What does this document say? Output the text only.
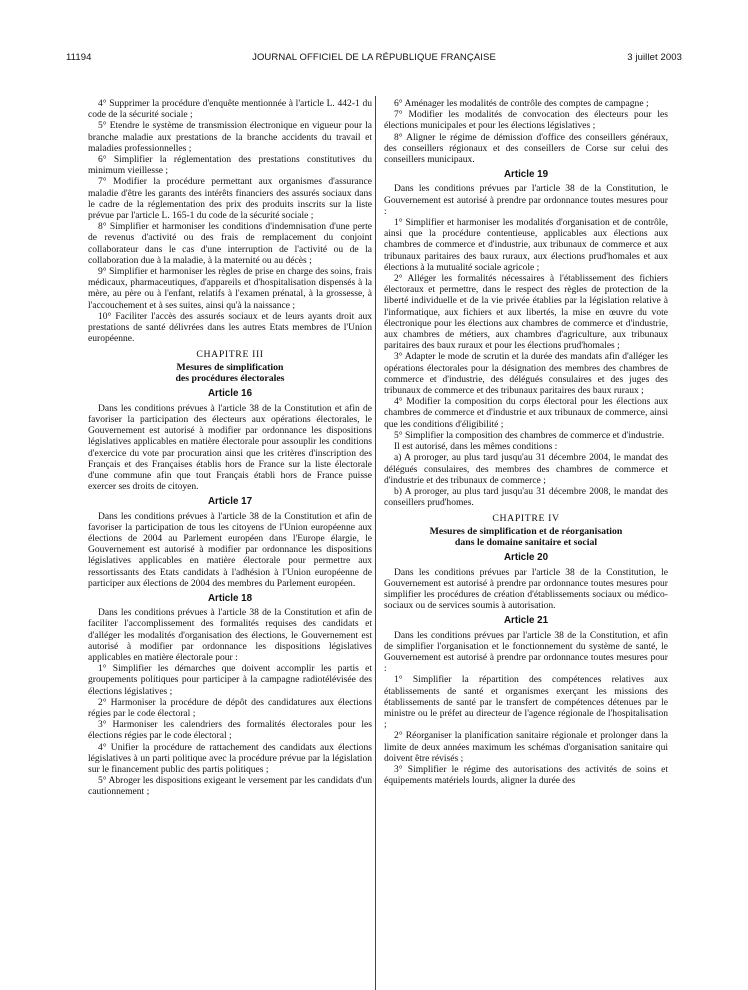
11194	JOURNAL OFFICIEL DE LA RÉPUBLIQUE FRANÇAISE	3 juillet 2003

4° Supprimer la procédure d'enquête mentionnée à l'article L. 442-1 du code de la sécurité sociale ;

5° Etendre le système de transmission électronique en vigueur pour la branche maladie aux prestations de la branche accidents du travail et maladies professionnelles ;

6° Simplifier la réglementation des prestations constitutives du minimum vieillesse ;

7° Modifier la procédure permettant aux organismes d'assurance maladie d'être les garants des intérêts financiers des assurés sociaux dans le cadre de la réglementation des prix des produits inscrits sur la liste prévue par l'article L. 165-1 du code de la sécurité sociale ;

8° Simplifier et harmoniser les conditions d'indemnisation d'une perte de revenus d'activité ou des frais de remplacement du conjoint collaborateur dans le cas d'une interruption de l'activité ou de la collaboration due à la maladie, à la maternité ou au décès ;

9° Simplifier et harmoniser les règles de prise en charge des soins, frais médicaux, pharmaceutiques, d'appareils et d'hospitalisation dispensés à la mère, au père ou à l'enfant, relatifs à l'examen prénatal, à la grossesse, à l'accouchement et à ses suites, ainsi qu'à la naissance ;

10° Faciliter l'accès des assurés sociaux et de leurs ayants droit aux prestations de santé délivrées dans les autres Etats membres de l'Union européenne.

CHAPITRE III

Mesures de simplification

des procédures électorales

Article 16

Dans les conditions prévues à l'article 38 de la Constitution et afin de favoriser la participation des électeurs aux opérations électorales, le Gouvernement est autorisé à modifier par ordonnance les dispositions législatives applicables en matière électorale pour assouplir les conditions d'exercice du vote par procuration ainsi que les critères d'inscription des Français et des Françaises établis hors de France sur la liste électorale d'une commune afin que tout Français établi hors de France puisse exercer ses droits de citoyen.

Article 17

Dans les conditions prévues à l'article 38 de la Constitution et afin de favoriser la participation de tous les citoyens de l'Union européenne aux élections de 2004 au Parlement européen dans l'Europe élargie, le Gouvernement est autorisé à modifier par ordonnance les dispositions législatives applicables en matière électorale pour permettre aux ressortissants des Etats candidats à l'adhésion à l'Union européenne de participer aux élections de 2004 des membres du Parlement européen.

Article 18

Dans les conditions prévues à l'article 38 de la Constitution et afin de faciliter l'accomplissement des formalités requises des candidats et d'alléger les modalités d'organisation des élections, le Gouvernement est autorisé à modifier par ordonnance les dispositions législatives applicables en matière électorale pour :

1° Simplifier les démarches que doivent accomplir les partis et groupements politiques pour participer à la campagne radiotélévisée des élections législatives ;

2° Harmoniser la procédure de dépôt des candidatures aux élections régies par le code électoral ;

3° Harmoniser les calendriers des formalités électorales pour les élections régies par le code électoral ;

4° Unifier la procédure de rattachement des candidats aux élections législatives à un parti politique avec la procédure prévue par la législation sur le financement public des partis politiques ;

5° Abroger les dispositions exigeant le versement par les candidats d'un cautionnement ;

6° Aménager les modalités de contrôle des comptes de campagne ;

7° Modifier les modalités de convocation des électeurs pour les élections municipales et pour les élections législatives ;

8° Aligner le régime de démission d'office des conseillers généraux, des conseillers régionaux et des conseillers de Corse sur celui des conseillers municipaux.

Article 19

Dans les conditions prévues par l'article 38 de la Constitution, le Gouvernement est autorisé à prendre par ordonnance toutes mesures pour :

1° Simplifier et harmoniser les modalités d'organisation et de contrôle, ainsi que la procédure contentieuse, applicables aux élections aux chambres de commerce et d'industrie, aux tribunaux de commerce et aux tribunaux paritaires des baux ruraux, aux élections prud'homales et aux élections à la mutualité sociale agricole ;

2° Alléger les formalités nécessaires à l'établissement des fichiers électoraux et permettre, dans le respect des règles de protection de la liberté individuelle et de la vie privée établies par la législation relative à l'informatique, aux fichiers et aux libertés, la mise en œuvre du vote électronique pour les élections aux chambres de commerce et d'industrie, aux chambres de métiers, aux chambres d'agriculture, aux tribunaux paritaires des baux ruraux et pour les élections prud'homales ;

3° Adapter le mode de scrutin et la durée des mandats afin d'alléger les opérations électorales pour la désignation des membres des chambres de commerce et d'industrie, des délégués consulaires et des juges des tribunaux de commerce et des tribunaux paritaires des baux ruraux ;

4° Modifier la composition du corps électoral pour les élections aux chambres de commerce et d'industrie et aux tribunaux de commerce, ainsi que les conditions d'éligibilité ;

5° Simplifier la composition des chambres de commerce et d'industrie.

Il est autorisé, dans les mêmes conditions :

a) A proroger, au plus tard jusqu'au 31 décembre 2004, le mandat des délégués consulaires, des membres des chambres de commerce et d'industrie et des tribunaux de commerce ;

b) A proroger, au plus tard jusqu'au 31 décembre 2008, le mandat des conseillers prud'homes.

CHAPITRE IV

Mesures de simplification et de réorganisation

dans le domaine sanitaire et social

Article 20

Dans les conditions prévues par l'article 38 de la Constitution, le Gouvernement est autorisé à prendre par ordonnance toutes mesures pour simplifier les procédures de création d'établissements sociaux ou médico-sociaux ou de services soumis à autorisation.

Article 21

Dans les conditions prévues par l'article 38 de la Constitution, et afin de simplifier l'organisation et le fonctionnement du système de santé, le Gouvernement est autorisé à prendre par ordonnance toutes mesures pour :

1° Simplifier la répartition des compétences relatives aux établissements de santé et organismes exerçant les missions des établissements de santé par le transfert de compétences détenues par le ministre ou le préfet au directeur de l'agence régionale de l'hospitalisation ;

2° Réorganiser la planification sanitaire régionale et prolonger dans la limite de deux années maximum les schémas d'organisation sanitaire qui doivent être révisés ;

3° Simplifier le régime des autorisations des activités de soins et équipements matériels lourds, aligner la durée des
